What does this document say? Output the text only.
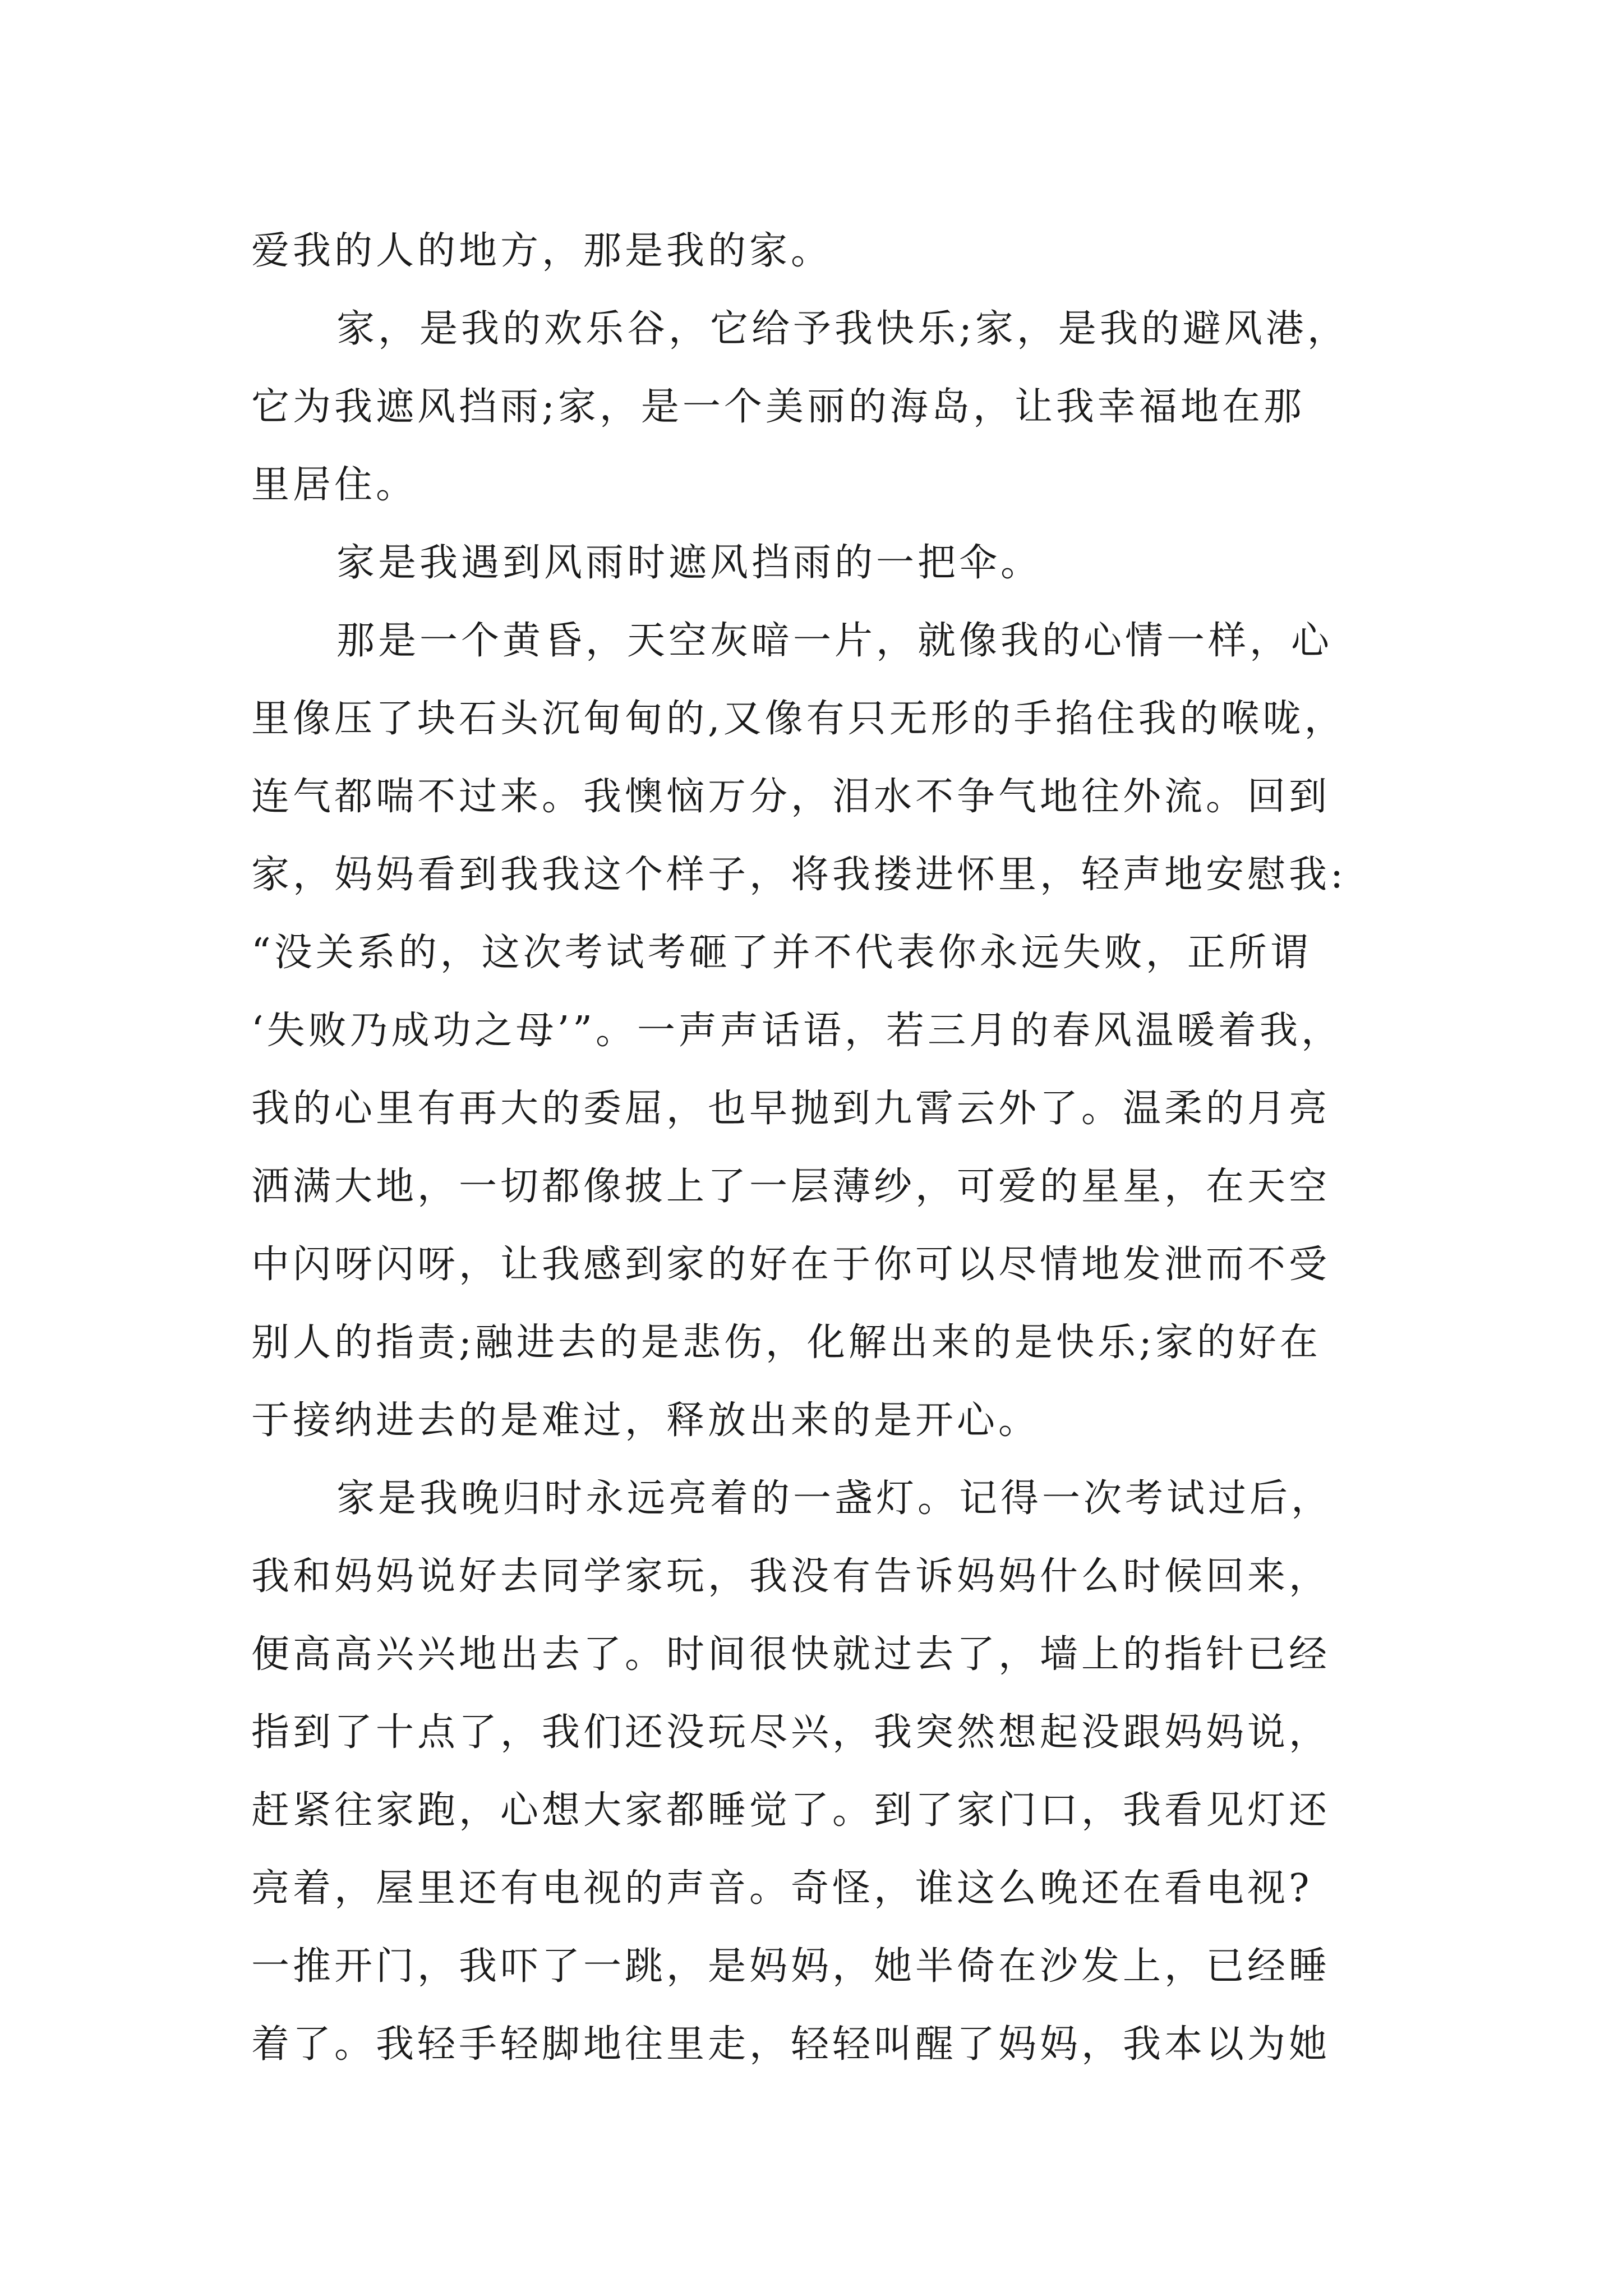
爱我的人的地方，那是我的家。
家，是我的欢乐谷，它给予我快乐;家，是我的避风港，
它为我遮风挡雨;家，是一个美丽的海岛，让我幸福地在那
里居住。
家是我遇到风雨时遮风挡雨的一把伞。
那是一个黄昏，天空灰暗一片，就像我的心情一样，心
里像压了块石头沉甸甸的,又像有只无形的手掐住我的喉咙，
连气都喘不过来。我懊恼万分，泪水不争气地往外流。回到
家，妈妈看到我我这个样子，将我搂进怀里，轻声地安慰我:
“没关系的，这次考试考砸了并不代表你永远失败，正所谓
‘失败乃成功之母’”。一声声话语，若三月的春风温暖着我，
我的心里有再大的委屈，也早抛到九霄云外了。温柔的月亮
洒满大地，一切都像披上了一层薄纱，可爱的星星，在天空
中闪呀闪呀，让我感到家的好在于你可以尽情地发泄而不受
别人的指责;融进去的是悲伤，化解出来的是快乐;家的好在
于接纳进去的是难过，释放出来的是开心。
家是我晚归时永远亮着的一盏灯。记得一次考试过后，
我和妈妈说好去同学家玩，我没有告诉妈妈什么时候回来，
便高高兴兴地出去了。时间很快就过去了，墙上的指针已经
指到了十点了，我们还没玩尽兴，我突然想起没跟妈妈说，
赶紧往家跑，心想大家都睡觉了。到了家门口，我看见灯还
亮着，屋里还有电视的声音。奇怪，谁这么晚还在看电视?
一推开门，我吓了一跳，是妈妈，她半倚在沙发上，已经睡
着了。我轻手轻脚地往里走，轻轻叫醒了妈妈，我本以为她
